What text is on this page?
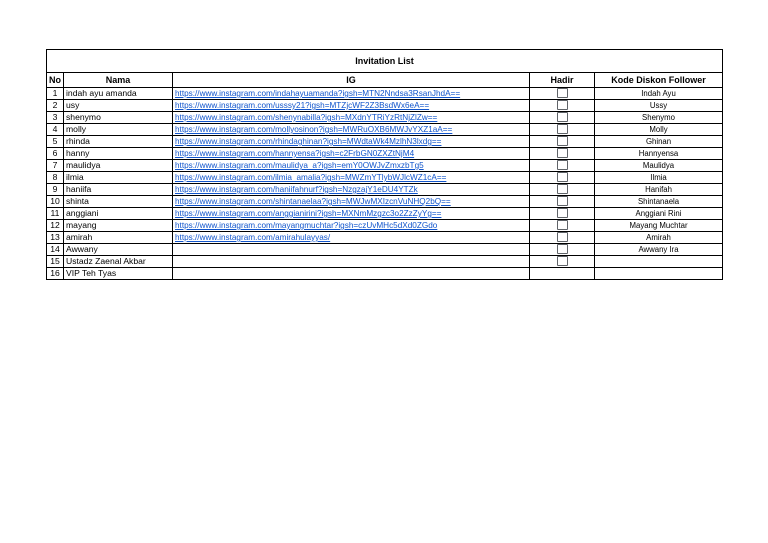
Invitation List				
No	Nama	IG	Hadir	Kode Diskon Follower
1	indah ayu amanda	https://www.instagram.com/indahayuamanda?igsh=MTN2Nndsa3RsanJhdA==		Indah Ayu
2	usy	https://www.instagram.com/usssy21?igsh=MTZjcWF2Z3BsdWx6eA==		Ussy
3	shenymo	https://www.instagram.com/shenynabilla?igsh=MXdnYTRiYzRtNjZlZw==		Shenymo
4	molly	https://www.instagram.com/mollyosinon?igsh=MWRuOXB6MWJvYXZ1aA==		Molly
5	rhinda	https://www.instagram.com/rhindaghinan?igsh=MWdtaWk4MzlhN3lxdg==		Ghinan
6	hanny	https://www.instagram.com/hannyensa?igsh=c2FrbGN0ZXZtNjM4		Hannyensa
7	maulidya	https://www.instagram.com/maulidya_a?igsh=emY0OWJvZmxzbTg5		Maulidya
8	ilmia	https://www.instagram.com/ilmia_amalia?igsh=MWZmYTlybWJlcWZ1cA==		Ilmia
9	haniifa	https://www.instagram.com/haniifahnurf?igsh=NzgzajY1eDU4YTZk		Hanifah
10	shinta	https://www.instagram.com/shintanaelaa?igsh=MWJwMXIzcnVuNHQ2bQ==		Shintanaela
11	anggiani	https://www.instagram.com/anggianirini?igsh=MXNmMzgzc3o2ZzZyYg==		Anggiani Rini
12	mayang	https://www.instagram.com/mayangmuchtar?igsh=czUvMHc5dXd0ZGdo		Mayang Muchtar
13	amirah	https://www.instagram.com/amirahulayyas/		Amirah
14	Awwany			Awwany Ira
15	Ustadz Zaenal Akbar			
16	VIP Teh Tyas			
